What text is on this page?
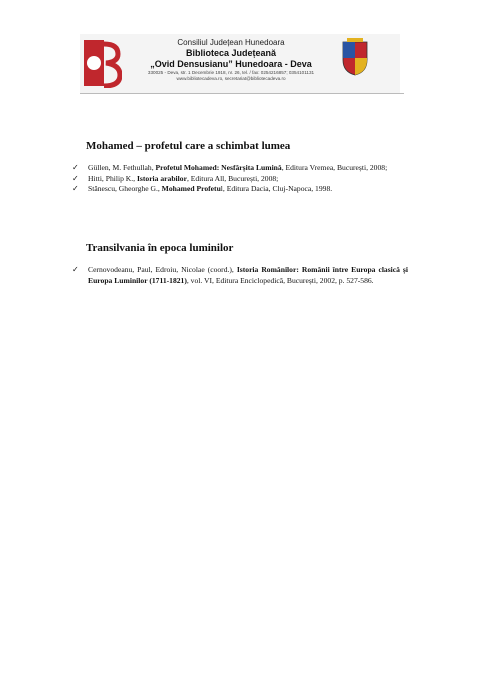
Consiliul Județean Hunedoara
Biblioteca Județeană
„Ovid Densusianu” Hunedoara - Deva
330025 - Deva, str. 1 Decembrie 1918, nr. 26, tel. / fax: 0254216857; 0354101131
www.bibliotecadeva.ro, secretariat@bibliotecadeva.ro
Mohamed – profetul care a schimbat lumea
✓ Güllen, M. Fethullah, Profetul Mohamed: Nesfârșita Lumină, Editura Vremea, București, 2008;
✓ Hitti, Philip K., Istoria arabilor, Editura All, București, 2008;
✓ Stănescu, Gheorghe G., Mohamed Profetul, Editura Dacia, Cluj-Napoca, 1998.
Transilvania în epoca luminilor
✓ Cernovodeanu, Paul, Edroiu, Nicolae (coord.), Istoria Românilor: Românii între Europa clasică și Europa Luminilor (1711-1821), vol. VI, Editura Enciclopedică, București, 2002, p. 527-586.
